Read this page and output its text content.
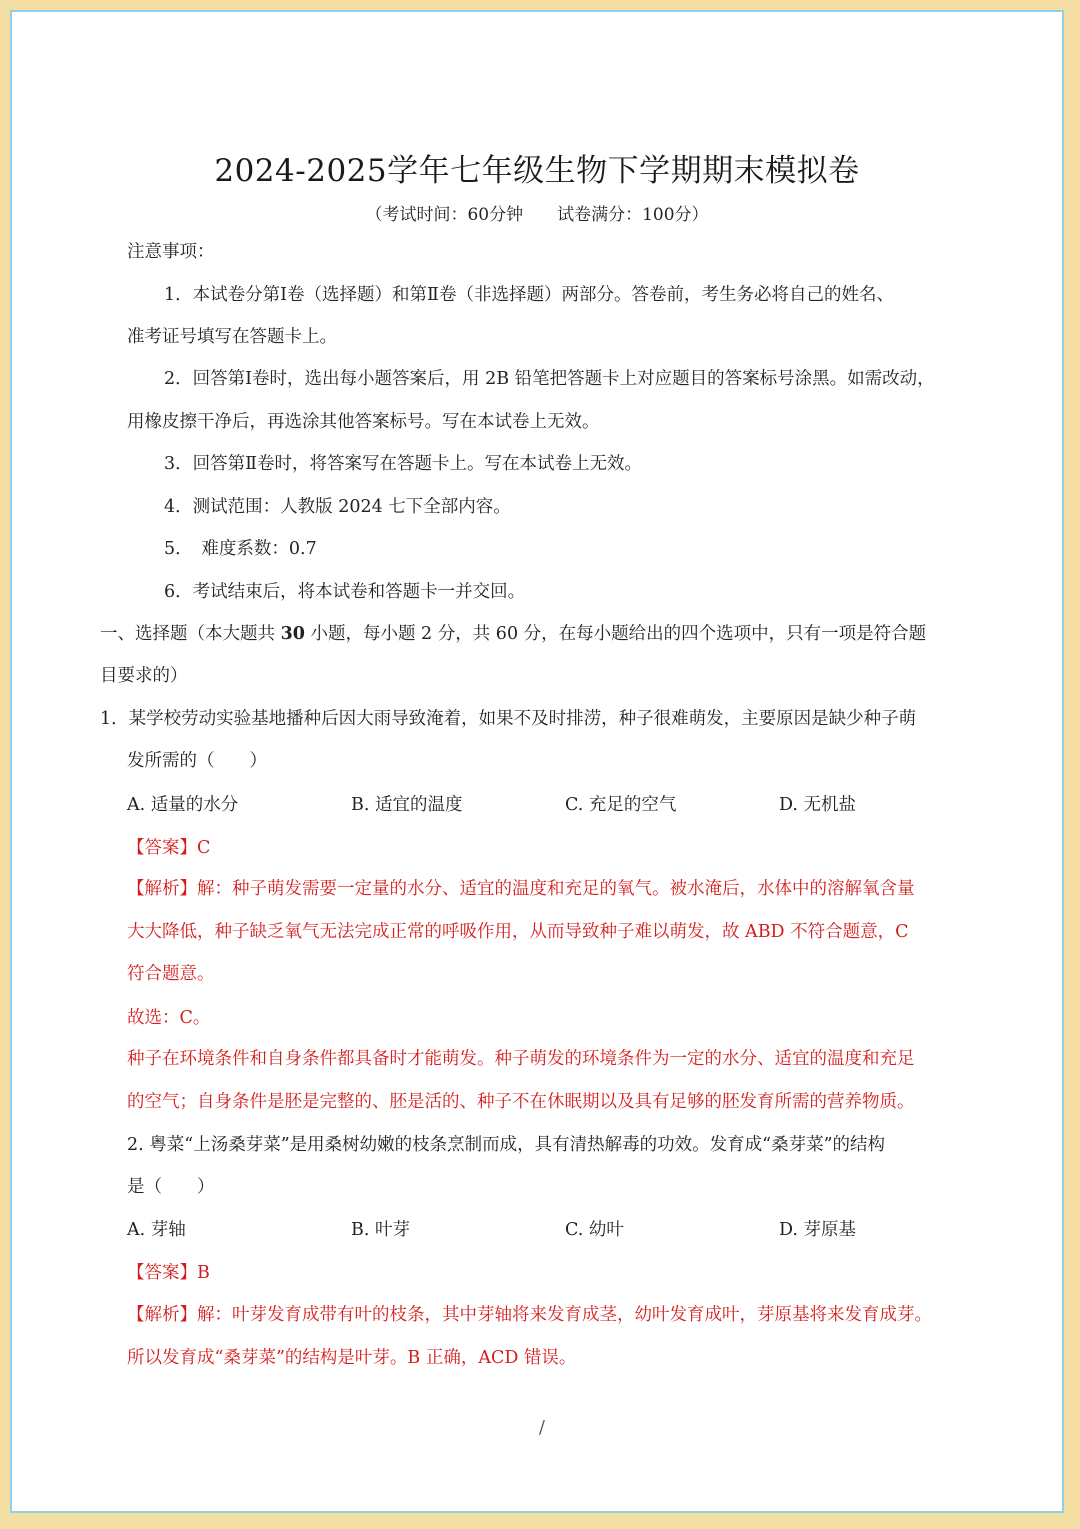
2024-2025学年七年级生物下学期期末模拟卷
（考试时间：60分钟　　试卷满分：100分）
注意事项：
1．本试卷分第Ⅰ卷（选择题）和第Ⅱ卷（非选择题）两部分。答卷前，考生务必将自己的姓名、
准考证号填写在答题卡上。
2．回答第Ⅰ卷时，选出每小题答案后，用 2B 铅笔把答题卡上对应题目的答案标号涂黑。如需改动，
用橡皮擦干净后，再选涂其他答案标号。写在本试卷上无效。
3．回答第Ⅱ卷时，将答案写在答题卡上。写在本试卷上无效。
4．测试范围：人教版 2024 七下全部内容。
5．　难度系数：0.7
6．考试结束后，将本试卷和答题卡一并交回。
一、选择题（本大题共 30 小题，每小题 2 分，共 60 分，在每小题给出的四个选项中，只有一项是符合题
目要求的）
1．某学校劳动实验基地播种后因大雨导致淹着，如果不及时排涝，种子很难萌发，主要原因是缺少种子萌
发所需的（　　）
A. 适量的水分	B. 适宜的温度	C. 充足的空气	D. 无机盐
【答案】C
【解析】解：种子萌发需要一定量的水分、适宜的温度和充足的氧气。被水淹后，水体中的溶解氧含量
大大降低，种子缺乏氧气无法完成正常的呼吸作用，从而导致种子难以萌发，故 ABD 不符合题意，C
符合题意。
故选：C。
种子在环境条件和自身条件都具备时才能萌发。种子萌发的环境条件为一定的水分、适宜的温度和充足
的空气；自身条件是胚是完整的、胚是活的、种子不在休眠期以及具有足够的胚发育所需的营养物质。
2. 粤菜“上汤桑芽菜”是用桑树幼嫩的枝条烹制而成，具有清热解毒的功效。发育成“桑芽菜”的结构
是（　　）
A. 芽轴	B. 叶芽	C. 幼叶	D. 芽原基
【答案】B
【解析】解：叶芽发育成带有叶的枝条，其中芽轴将来发育成茎，幼叶发育成叶，芽原基将来发育成芽。
所以发育成“桑芽菜”的结构是叶芽。B 正确，ACD 错误。
/
